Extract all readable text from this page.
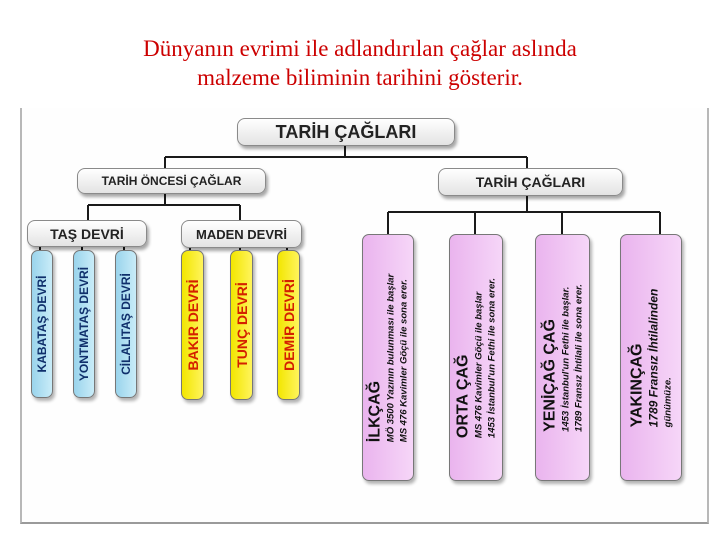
Dünyanın evrimi ile adlandırılan çağlar aslında
malzeme biliminin tarihini gösterir.
TARİH ÇAĞLARI
TARİH ÖNCESİ ÇAĞLAR	TARİH ÇAĞLARI
TAŞ DEVRİ	MADEN DEVRİ
KABATAŞ DEVRİ YONTMATAŞ DEVRİ CİLALITAŞ DEVRİ	BAKIR DEVRİ TUNÇ DEVRİ DEMİR DEVRİ
İLKÇAĞ MÖ 3500 Yazının bulunması ile başlar MS 476 Kavimler Göçü ile sona erer.	ORTA ÇAĞ MS 476 Kavimler Göçü ile başlar 1453 İstanbul'un Fethi ile sona erer.	YENİÇAĞ ÇAĞ 1453 İstanbul'un Fethi ile başlar. 1789 Fransız İhtilali ile sona erer.	YAKINÇAĞ 1789 Fransız İhtilalinden günümüze.
